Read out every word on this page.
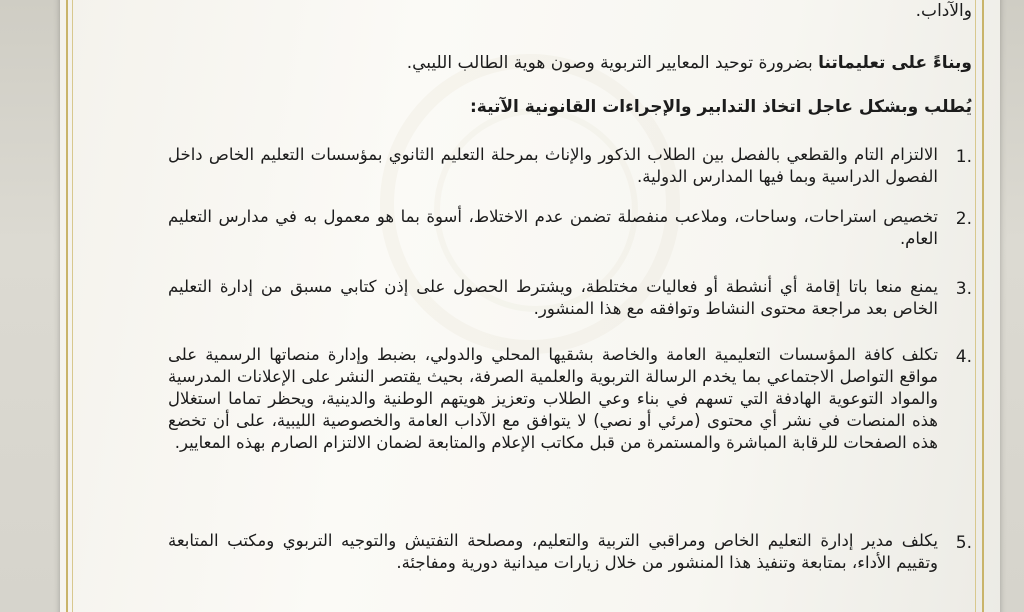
والآداب.
وبناءً على تعليماتنا بضرورة توحيد المعايير التربوية وصون هوية الطالب الليبي.
يُطلب وبشكل عاجل اتخاذ التدابير والإجراءات القانونية الآتية:
1.
الالتزام التام والقطعي بالفصل بين الطلاب الذكور والإناث بمرحلة التعليم الثانوي بمؤسسات التعليم الخاص داخل الفصول الدراسية وبما فيها المدارس الدولية.
2.
تخصيص استراحات، وساحات، وملاعب منفصلة تضمن عدم الاختلاط، أسوة بما هو معمول به في مدارس التعليم العام.
3.
يمنع منعا باتا إقامة أي أنشطة أو فعاليات مختلطة، ويشترط الحصول على إذن كتابي مسبق من إدارة التعليم الخاص بعد مراجعة محتوى النشاط وتوافقه مع هذا المنشور.
4.
تكلف كافة المؤسسات التعليمية العامة والخاصة بشقيها المحلي والدولي، بضبط وإدارة منصاتها الرسمية على مواقع التواصل الاجتماعي بما يخدم الرسالة التربوية والعلمية الصرفة، بحيث يقتصر النشر على الإعلانات المدرسية والمواد التوعوية الهادفة التي تسهم في بناء وعي الطلاب وتعزيز هويتهم الوطنية والدينية، ويحظر تماما استغلال هذه المنصات في نشر أي محتوى (مرئي أو نصي) لا يتوافق مع الآداب العامة والخصوصية الليبية، على أن تخضع هذه الصفحات للرقابة المباشرة والمستمرة من قبل مكاتب الإعلام والمتابعة لضمان الالتزام الصارم بهذه المعايير.
5.
يكلف مدير إدارة التعليم الخاص ومراقبي التربية والتعليم، ومصلحة التفتيش والتوجيه التربوي ومكتب المتابعة وتقييم الأداء، بمتابعة وتنفيذ هذا المنشور من خلال زيارات ميدانية دورية ومفاجئة.
